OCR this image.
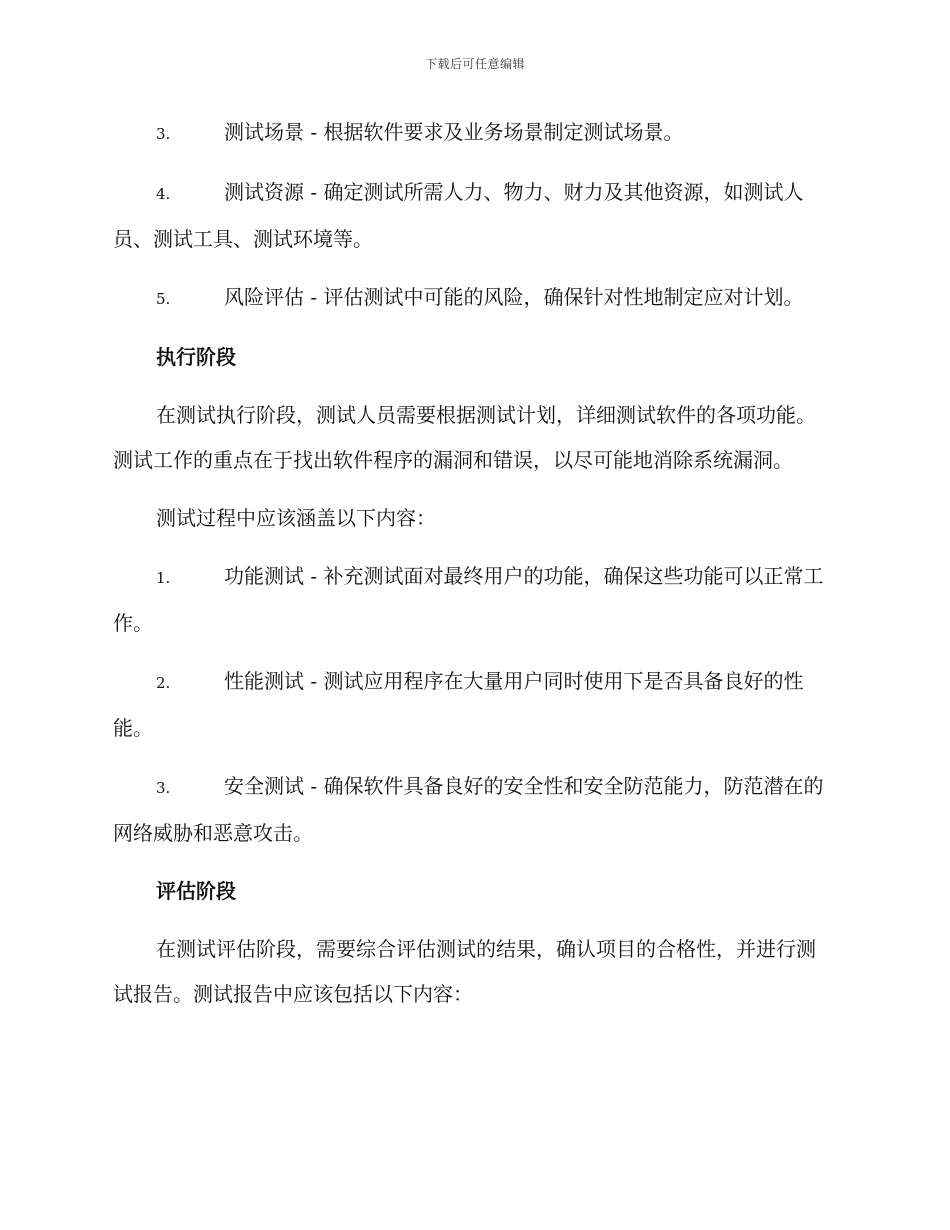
下载后可任意编辑

3.	测试场景 - 根据软件要求及业务场景制定测试场景。

4.	测试资源 - 确定测试所需人力、物力、财力及其他资源，如测试人员、测试工具、测试环境等。

5.	风险评估 - 评估测试中可能的风险，确保针对性地制定应对计划。

执行阶段

在测试执行阶段，测试人员需要根据测试计划，详细测试软件的各项功能。测试工作的重点在于找出软件程序的漏洞和错误，以尽可能地消除系统漏洞。

测试过程中应该涵盖以下内容：

1.	功能测试 - 补充测试面对最终用户的功能，确保这些功能可以正常工作。

2.	性能测试 - 测试应用程序在大量用户同时使用下是否具备良好的性能。

3.	安全测试 - 确保软件具备良好的安全性和安全防范能力，防范潜在的网络威胁和恶意攻击。

评估阶段

在测试评估阶段，需要综合评估测试的结果，确认项目的合格性，并进行测试报告。测试报告中应该包括以下内容：
